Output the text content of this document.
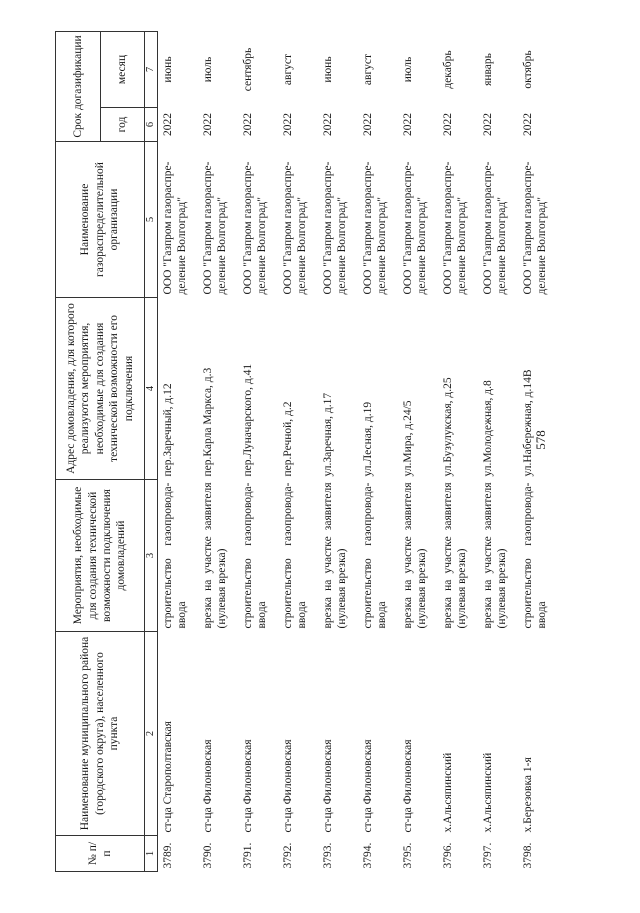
578
№ п/п	Наименование муниципального района (городского округа), населенного пункта	Мероприятия, необходимые для создания технической возможности подключения домовладений	Адрес домовладения, для которого реализуются мероприятия, необходимые для создания технической возможности его подключения	Наименование газораспределительной организации	Срок догазификации	
					год	месяц
1	2	3	4	5	6	7
3789.	ст-ца Старополтавская	строительство газопровода-ввода	пер.Заречный, д.12	ООО "Газпром газораспре-деление Волгоград"	2022	июнь
3790.	ст-ца Филоновская	врезка на участке заявителя (нулевая врезка)	пер.Карла Маркса, д.3	ООО "Газпром газораспре-деление Волгоград"	2022	июль
3791.	ст-ца Филоновская	строительство газопровода-ввода	пер.Луначарского, д.41	ООО "Газпром газораспре-деление Волгоград"	2022	сентябрь
3792.	ст-ца Филоновская	строительство газопровода-ввода	пер.Речной, д.2	ООО "Газпром газораспре-деление Волгоград"	2022	август
3793.	ст-ца Филоновская	врезка на участке заявителя (нулевая врезка)	ул.Заречная, д.17	ООО "Газпром газораспре-деление Волгоград"	2022	июнь
3794.	ст-ца Филоновская	строительство газопровода-ввода	ул.Лесная, д.19	ООО "Газпром газораспре-деление Волгоград"	2022	август
3795.	ст-ца Филоновская	врезка на участке заявителя (нулевая врезка)	ул.Мира, д.24/5	ООО "Газпром газораспре-деление Волгоград"	2022	июль
3796.	х.Альсяпинский	врезка на участке заявителя (нулевая врезка)	ул.Бузулукская, д.25	ООО "Газпром газораспре-деление Волгоград"	2022	декабрь
3797.	х.Альсяпинский	врезка на участке заявителя (нулевая врезка)	ул.Молодежная, д.8	ООО "Газпром газораспре-деление Волгоград"	2022	январь
3798.	х.Березовка 1-я	строительство газопровода-ввода	ул.Набережная, д.14В	ООО "Газпром газораспре-деление Волгоград"	2022	октябрь
